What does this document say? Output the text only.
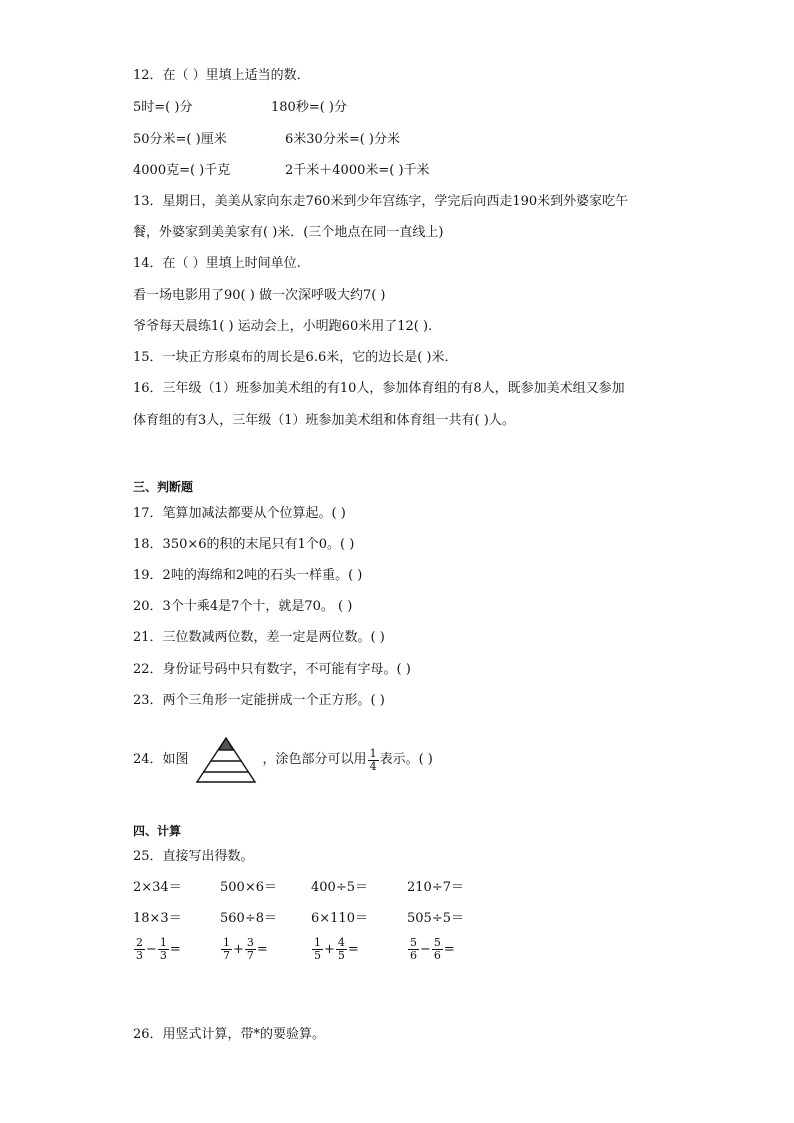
12．在（ ）里填上适当的数．
5时=( )分	180秒=( )分
50分米=( )厘米	6米30分米=( )分米
4000克=( )千克	2千米＋4000米=( )千米
13．星期日，美美从家向东走760米到少年宫练字，学完后向西走190米到外婆家吃午
餐，外婆家到美美家有( )米．(三个地点在同一直线上)
14．在（ ）里填上时间单位.
看一场电影用了90( ) 做一次深呼吸大约7( )
爷爷每天晨练1( ) 运动会上，小明跑60米用了12( ).
15．一块正方形桌布的周长是6.6米，它的边长是( )米．
16．三年级（1）班参加美术组的有10人，参加体育组的有8人，既参加美术组又参加
体育组的有3人，三年级（1）班参加美术组和体育组一共有( )人。
三、判断题
17．笔算加减法都要从个位算起。( )
18．350×6的积的末尾只有1个0。( )
19．2吨的海绵和2吨的石头一样重。( )
20．3个十乘4是7个十，就是70。 ( )
21．三位数减两位数，差一定是两位数。( )
22．身份证号码中只有数字，不可能有字母。( )
23．两个三角形一定能拼成一个正方形。( )
24．如图	，涂色部分可以用 $\frac{1}{4}$ 表示。( )
四、计算
25．直接写出得数。
2×34＝	500×6＝	400÷5＝	210÷7＝
18×3＝	560÷8＝	6×110＝	505÷5＝
$\frac{2}{3} - \frac{1}{3}$ =	$\frac{1}{7} + \frac{3}{7}$ =	$\frac{1}{5} + \frac{4}{5}$ =	$\frac{5}{6} - \frac{5}{6}$ =
26．用竖式计算，带*的要验算。
